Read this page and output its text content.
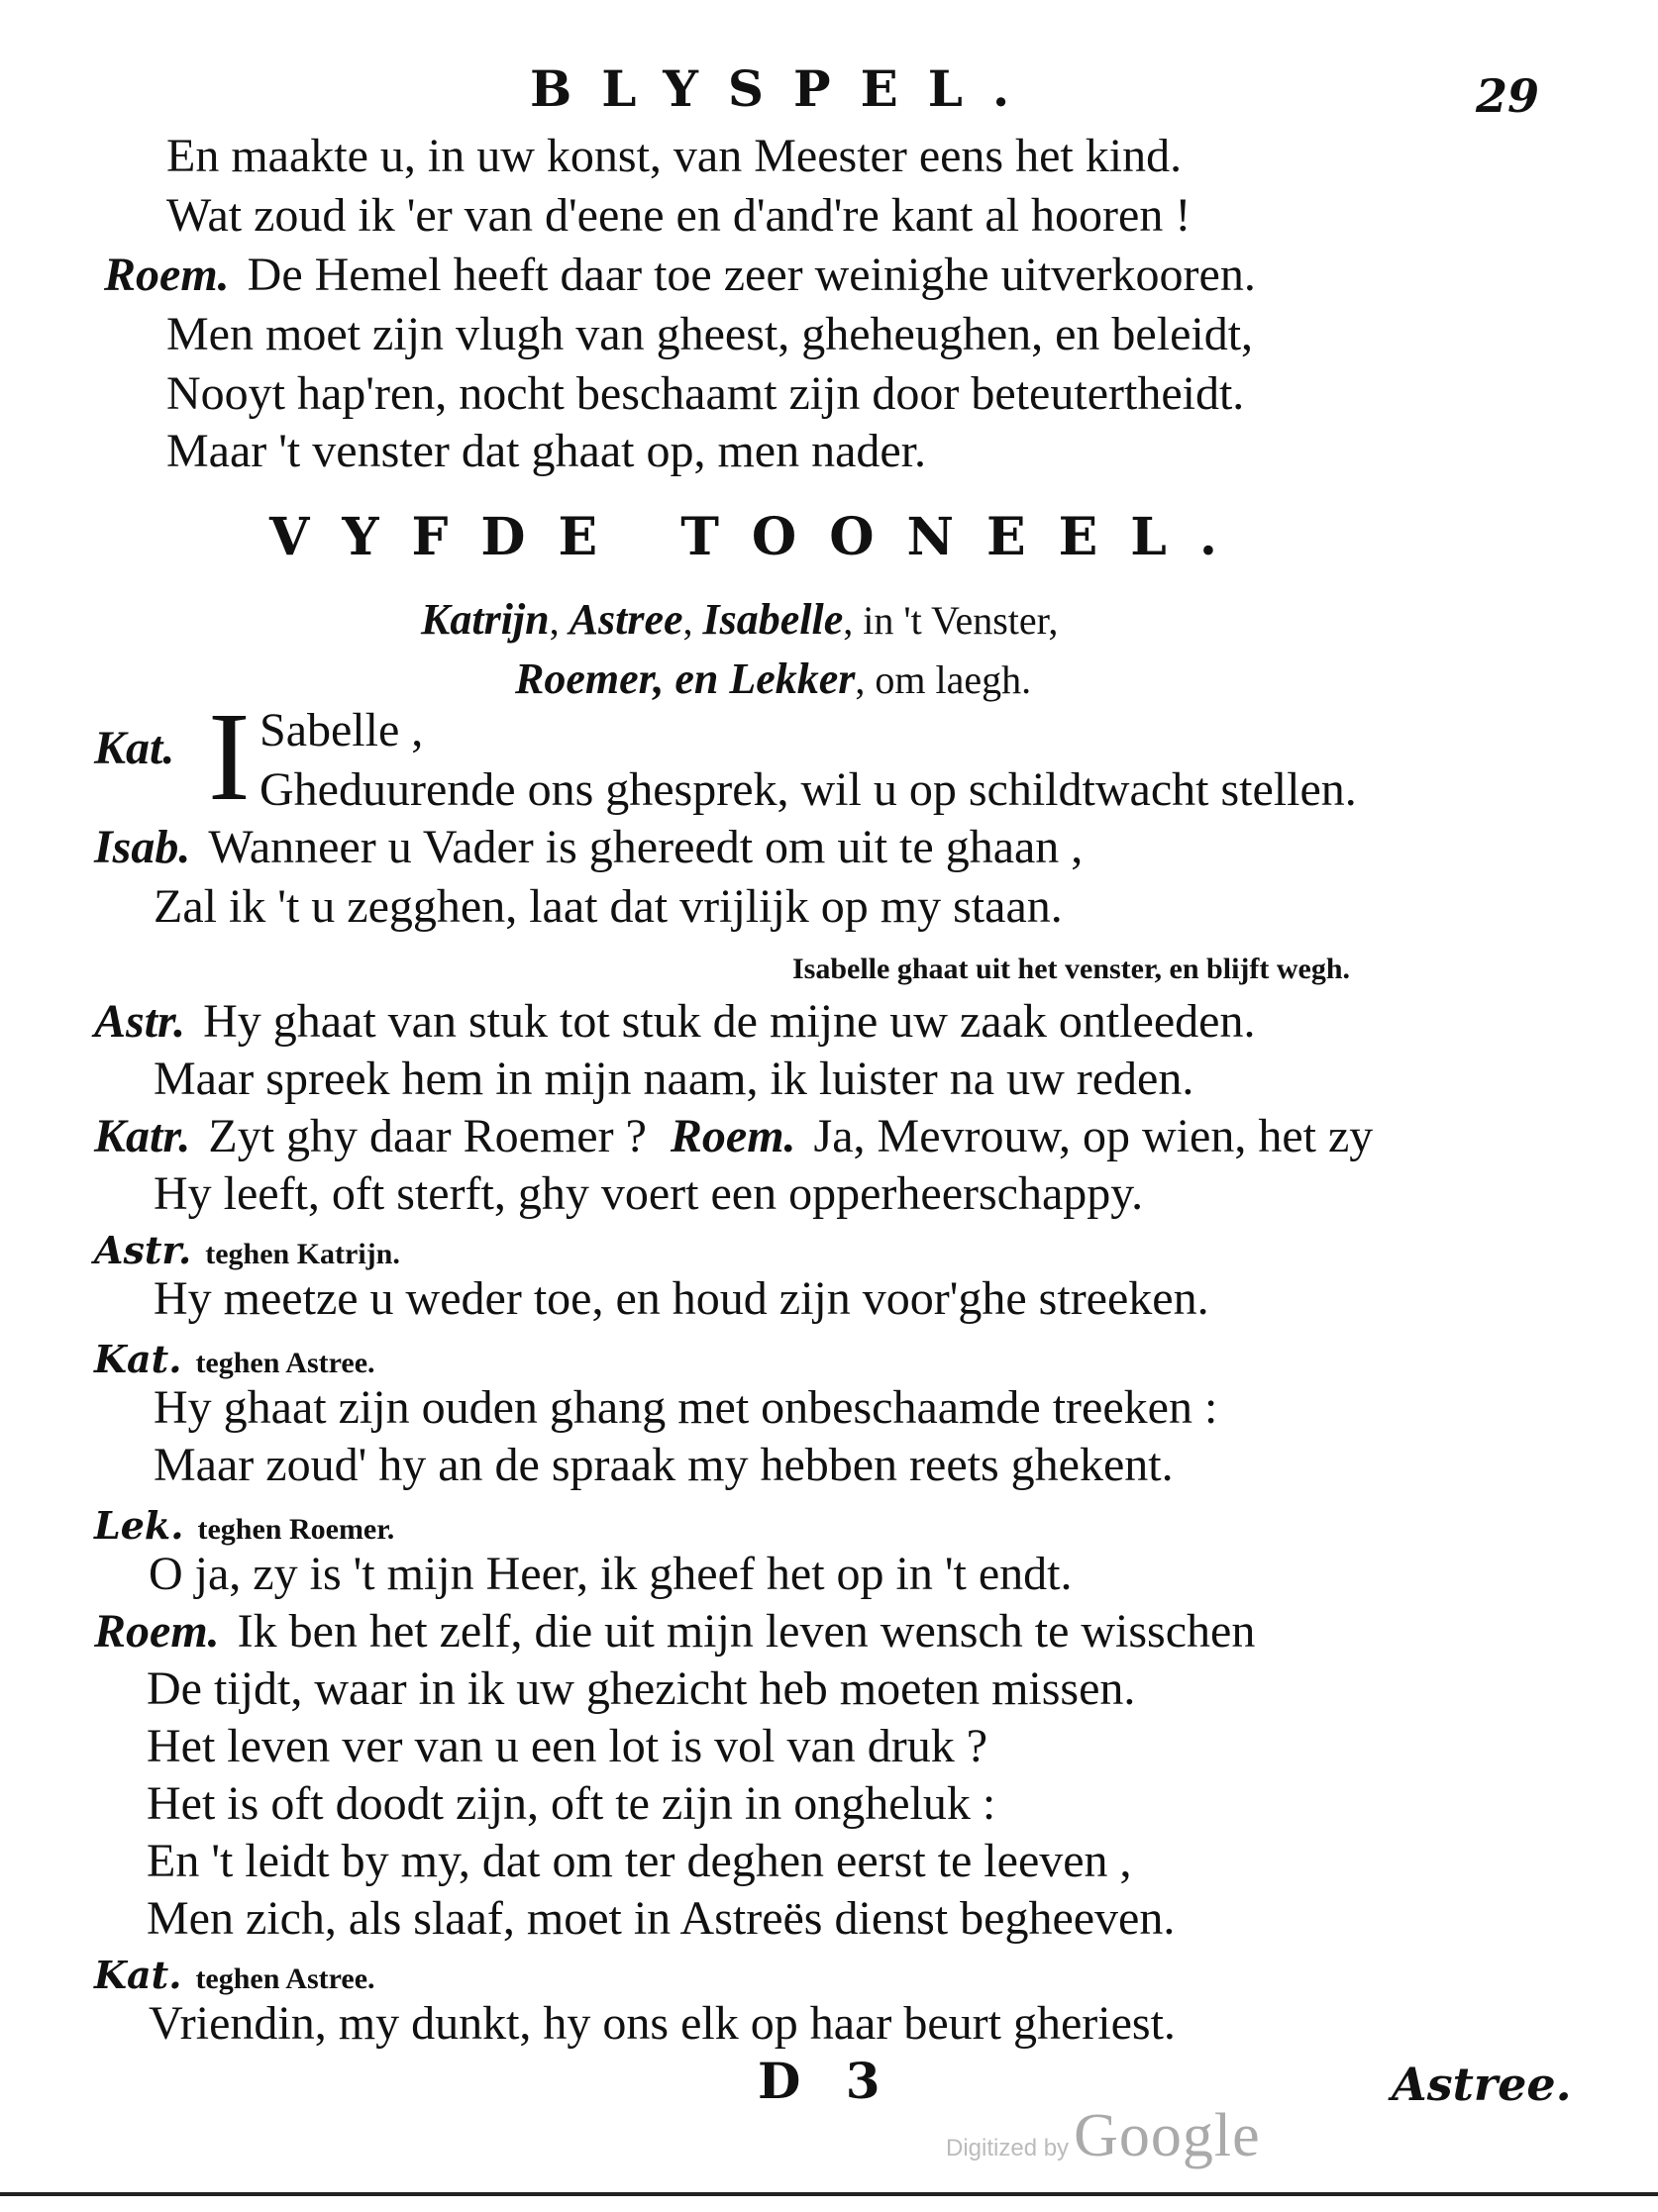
BLYSPEL.	29
En maakte u, in uw konst, van Meester eens het kind.
Wat zoud ik 'er van d'eene en d'and're kant al hooren !
Roem. De Hemel heeft daar toe zeer weinighe uitverkooren.
Men moet zijn vlugh van gheest, gheheughen, en beleidt,
Nooyt hap'ren, nocht beschaamt zijn door beteutertheidt.
Maar 't venster dat ghaat op, men nader.
VYFDE TOONEEL.
Katrijn, Astree, Isabelle, in 't Venster,
Roemer, en Lekker, om laegh.
Kat. I Sabelle ,
Gheduurende ons ghesprek, wil u op schildtwacht stellen.
Isab. Wanneer u Vader is ghereedt om uit te ghaan ,
Zal ik 't u zegghen, laat dat vrijlijk op my staan.
Isabelle ghaat uit het venster, en blijft wegh.
Astr. Hy ghaat van stuk tot stuk de mijne uw zaak ontleeden.
Maar spreek hem in mijn naam, ik luister na uw reden.
Katr. Zyt ghy daar Roemer ? Roem. Ja, Mevrouw, op wien, het zy
Hy leeft, oft sterft, ghy voert een opperheerschappy.
Astr. teghen Katrijn.
Hy meetze u weder toe, en houd zijn voor'ghe streeken.
Kat. teghen Astree.
Hy ghaat zijn ouden ghang met onbeschaamde treeken :
Maar zoud' hy an de spraak my hebben reets ghekent.
Lek. teghen Roemer.
O ja, zy is 't mijn Heer, ik gheef het op in 't endt.
Roem. Ik ben het zelf, die uit mijn leven wensch te wisschen
De tijdt, waar in ik uw ghezicht heb moeten missen.
Het leven ver van u een lot is vol van druk ?
Het is oft doodt zijn, oft te zijn in ongheluk :
En 't leidt by my, dat om ter deghen eerst te leeven ,
Men zich, als slaaf, moet in Astreës dienst begheeven.
Kat. teghen Astree.
Vriendin, my dunkt, hy ons elk op haar beurt gheriest.
D 3	Astree.
Digitized by Google
